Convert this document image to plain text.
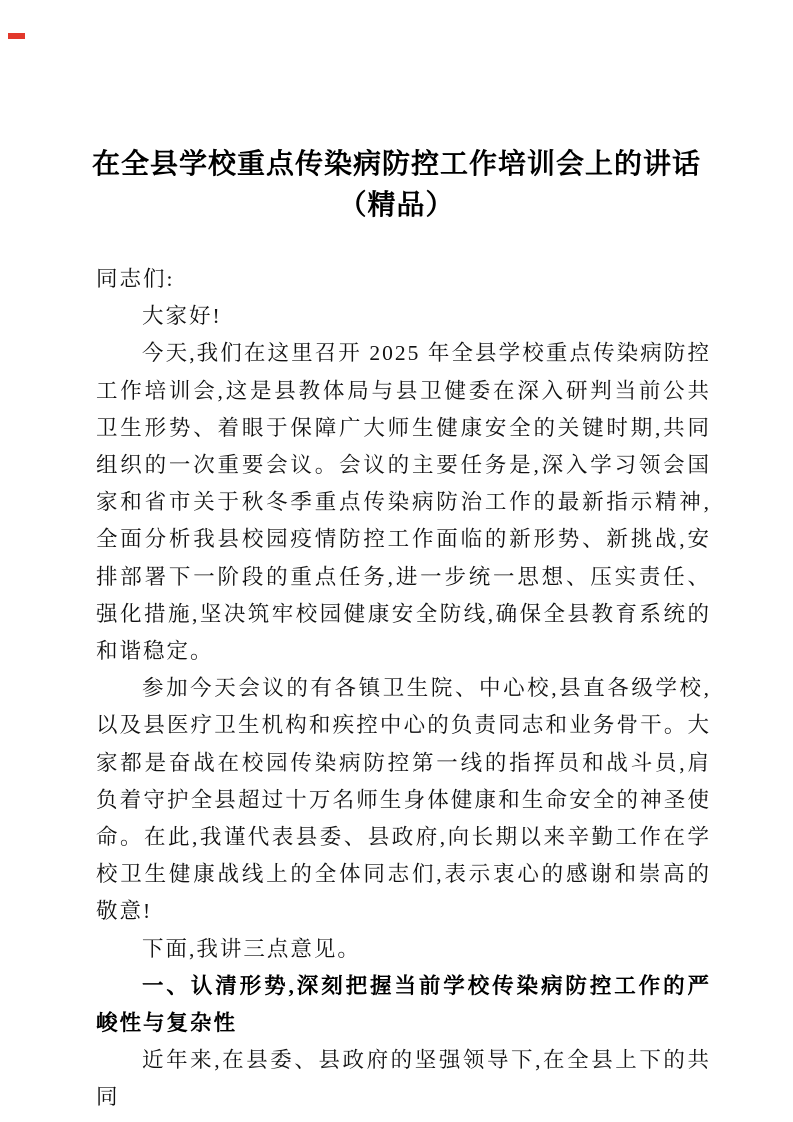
在全县学校重点传染病防控工作培训会上的讲话
（精品）

同志们:

大家好!

今天,我们在这里召开 2025 年全县学校重点传染病防控工作培训会,这是县教体局与县卫健委在深入研判当前公共卫生形势、着眼于保障广大师生健康安全的关键时期,共同组织的一次重要会议。会议的主要任务是,深入学习领会国家和省市关于秋冬季重点传染病防治工作的最新指示精神,全面分析我县校园疫情防控工作面临的新形势、新挑战,安排部署下一阶段的重点任务,进一步统一思想、压实责任、强化措施,坚决筑牢校园健康安全防线,确保全县教育系统的和谐稳定。

参加今天会议的有各镇卫生院、中心校,县直各级学校,以及县医疗卫生机构和疾控中心的负责同志和业务骨干。大家都是奋战在校园传染病防控第一线的指挥员和战斗员,肩负着守护全县超过十万名师生身体健康和生命安全的神圣使命。在此,我谨代表县委、县政府,向长期以来辛勤工作在学校卫生健康战线上的全体同志们,表示衷心的感谢和崇高的敬意!

下面,我讲三点意见。

一、认清形势,深刻把握当前学校传染病防控工作的严峻性与复杂性

近年来,在县委、县政府的坚强领导下,在全县上下的共同
